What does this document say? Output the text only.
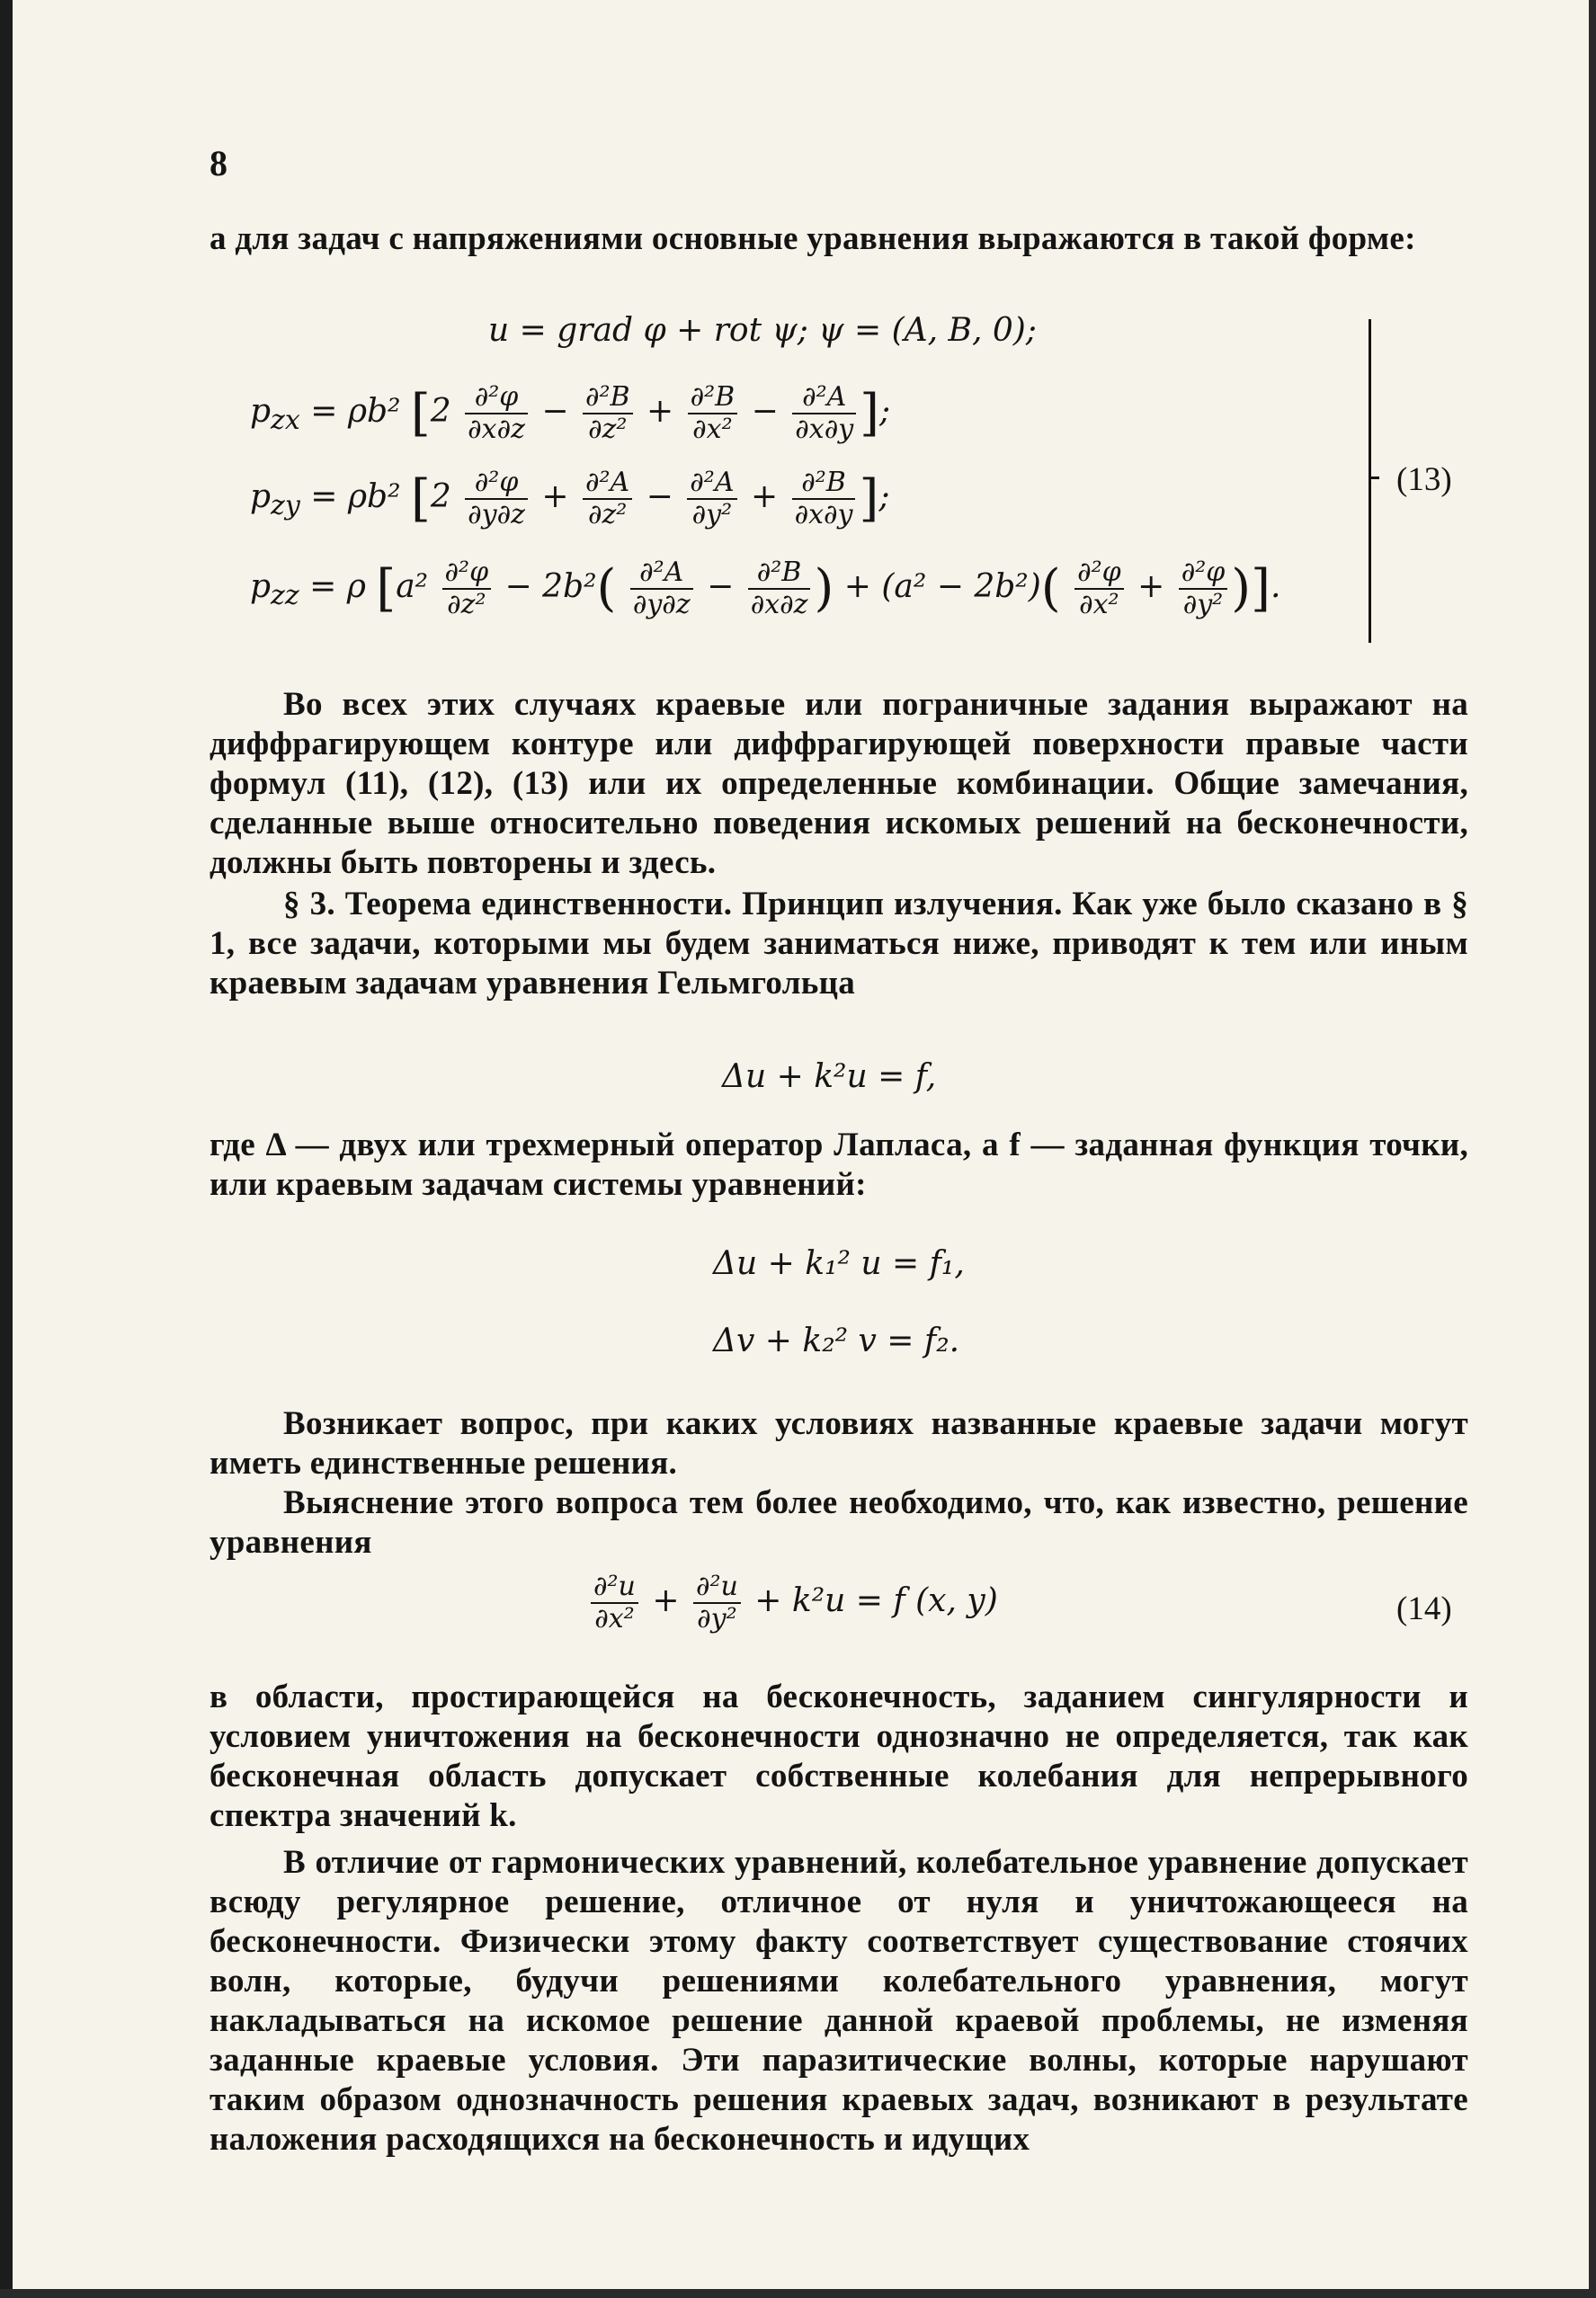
8
а для задач с напряжениями основные уравнения выражаются в такой форме:
u = grad φ + rot ψ; ψ = (A, B, 0);
$p_{zx} = \rho b^2$ [$2 \frac{\text{∂²φ}}{\partial x\partial z} - \frac{\text{∂²B}}{\text{∂z²}} + \frac{\text{∂²B}}{\text{∂x²}} - \frac{\text{∂²A}}{\partial x\partial y}$ ];
$p_{zy} = \rho b^2$ [$2 \frac{\text{∂²φ}}{\partial y\partial z} + \frac{\text{∂²A}}{\text{∂z²}} - \frac{\text{∂²A}}{\text{∂y²}} + \frac{\text{∂²B}}{\partial x\partial y}$ ];
$p_{zz} = \rho$ [$a^2 \frac{\text{∂²φ}}{\text{∂z²}} - 2b^2( \frac{\text{∂²A}}{\partial y\partial z} - \frac{\text{∂²B}}{\partial x\partial z}$ ) + $(a^2 - 2b^2)( \frac{\text{∂²φ}}{\text{∂x²}} + \frac{\text{∂²φ}}{\text{∂y²}}$ )].
(13)
Во всех этих случаях краевые или пограничные задания выражают на диффрагирующем контуре или диффрагирующей поверхности правые части формул (11), (12), (13) или их определенные комбинации. Общие замечания, сделанные выше относительно поведения искомых решений на бесконечности, должны быть повторены и здесь.
§ 3. Теорема единственности. Принцип излучения. Как уже было сказано в § 1, все задачи, которыми мы будем заниматься ниже, приводят к тем или иным краевым задачам уравнения Гельмгольца
Δu + k²u = f,
где Δ — двух или трехмерный оператор Лапласа, а f — заданная функция точки, или краевым задачам системы уравнений:
Δu + k₁² u = f₁,
Δv + k₂² v = f₂.
Возникает вопрос, при каких условиях названные краевые задачи могут иметь единственные решения.
Выяснение этого вопроса тем более необходимо, что, как известно, решение уравнения
$\frac{\text{∂²u}}{\text{∂x²}} + \frac{\text{∂²u}}{\text{∂y²}} + k^2u = f$ (x, y)	(14)
в области, простирающейся на бесконечность, заданием сингулярности и условием уничтожения на бесконечности однозначно не определяется, так как бесконечная область допускает собственные колебания для непрерывного спектра значений k.
В отличие от гармонических уравнений, колебательное уравнение допускает всюду регулярное решение, отличное от нуля и уничтожающееся на бесконечности. Физически этому факту соответствует существование стоячих волн, которые, будучи решениями колебательного уравнения, могут накладываться на искомое решение данной краевой проблемы, не изменяя заданные краевые условия. Эти паразитические волны, которые нарушают таким образом однозначность решения краевых задач, возникают в результате наложения расходящихся на бесконечность и идущих
